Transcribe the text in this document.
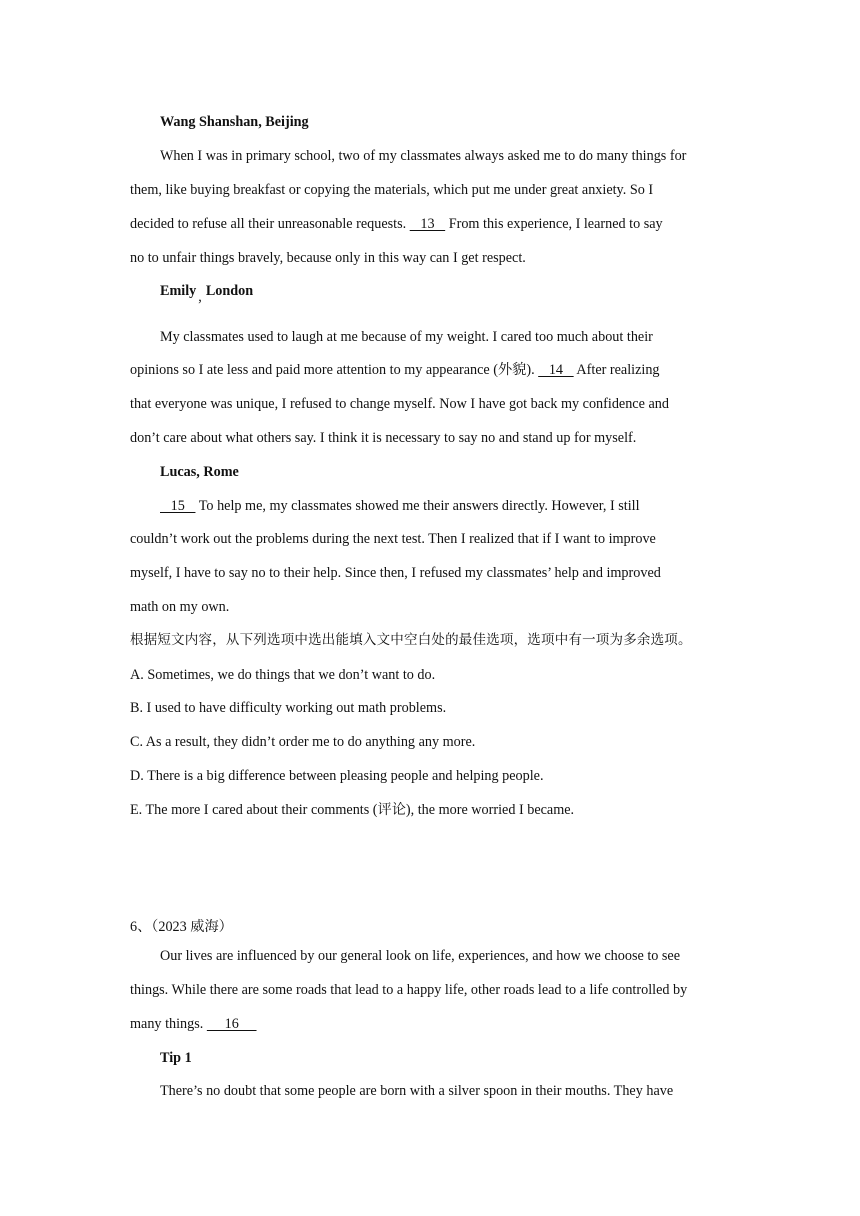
Wang Shanshan, Beijing
When I was in primary school, two of my classmates always asked me to do many things for
them, like buying breakfast or copying the materials, which put me under great anxiety. So I
decided to refuse all their unreasonable requests.    13    From this experience, I learned to say
no to unfair things bravely, because only in this way can I get respect.
Emily , London
My classmates used to laugh at me because of my weight. I cared too much about their
opinions so I ate less and paid more attention to my appearance (外貌).    14    After realizing
that everyone was unique, I refused to change myself. Now I have got back my confidence and
don’t care about what others say. I think it is necessary to say no and stand up for myself.
Lucas, Rome
15    To help me, my classmates showed me their answers directly. However, I still
couldn’t work out the problems during the next test. Then I realized that if I want to improve
myself, I have to say no to their help. Since then, I refused my classmates’ help and improved
math on my own.
根据短文内容，从下列选项中选出能填入文中空白处的最佳选项，选项中有一项为多余选项。
A. Sometimes, we do things that we don’t want to do.
B. I used to have difficulty working out math problems.
C. As a result, they didn’t order me to do anything any more.
D. There is a big difference between pleasing people and helping people.
E. The more I cared about their comments (评论), the more worried I became.
6、（2023 威海）
Our lives are influenced by our general look on life, experiences, and how we choose to see
things. While there are some roads that lead to a happy life, other roads lead to a life controlled by
many things.      16
Tip 1
There’s no doubt that some people are born with a silver spoon in their mouths. They have
